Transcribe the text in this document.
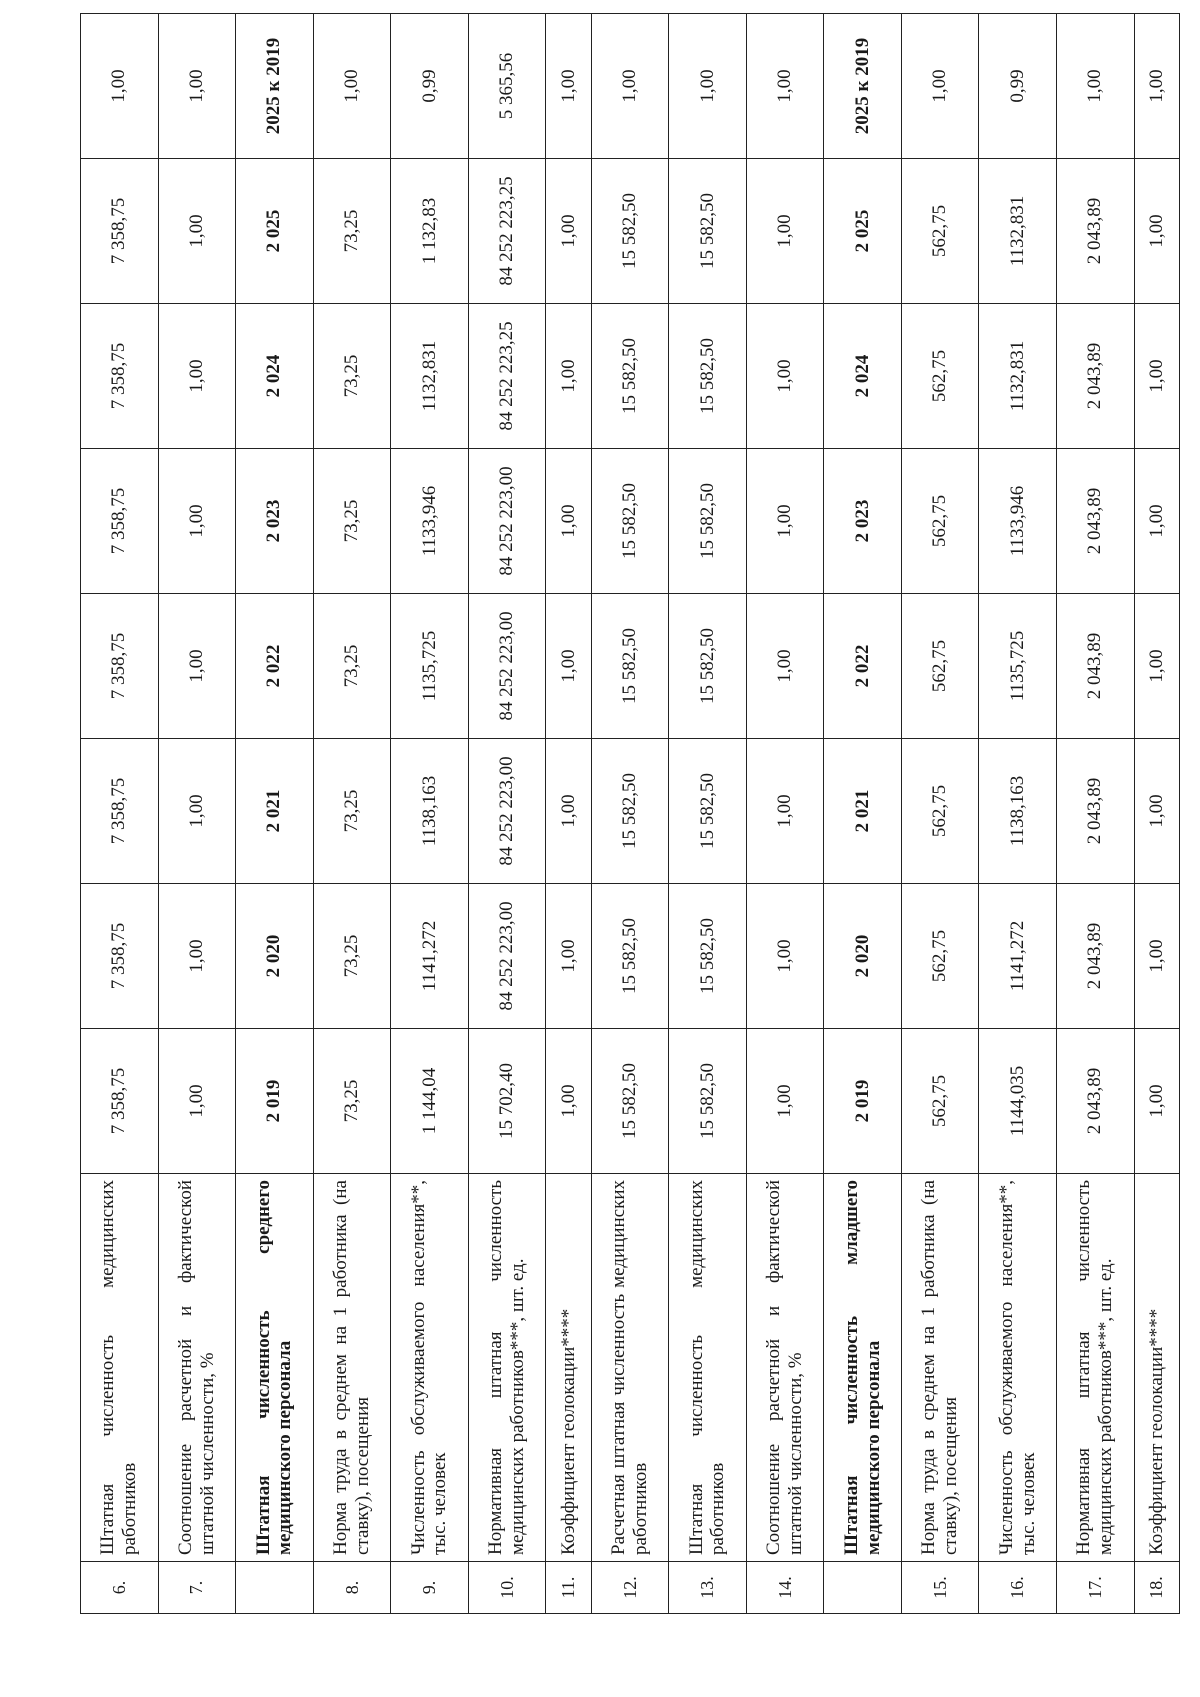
6.	Штатная численность медицинских работников	7 358,75	7 358,75	7 358,75	7 358,75	7 358,75	7 358,75	7 358,75	1,00
7.	Соотношение расчетной и фактической штатной численности, %	1,00	1,00	1,00	1,00	1,00	1,00	1,00	1,00
	Штатная численность среднего медицинского персонала	2 019	2 020	2 021	2 022	2 023	2 024	2 025	2025 к 2019
8.	Норма труда в среднем на 1 работника (на ставку), посещения	73,25	73,25	73,25	73,25	73,25	73,25	73,25	1,00
9.	Численность обслуживаемого населения**, тыс. человек	1 144,04	1141,272	1138,163	1135,725	1133,946	1132,831	1 132,83	0,99
10.	Нормативная штатная численность медицинских работников***, шт. ед.	15 702,40	84 252 223,00	84 252 223,00	84 252 223,00	84 252 223,00	84 252 223,25	84 252 223,25	5 365,56
11.	Коэффициент геолокации****	1,00	1,00	1,00	1,00	1,00	1,00	1,00	1,00
12.	Расчетная штатная численность медицинских работников	15 582,50	15 582,50	15 582,50	15 582,50	15 582,50	15 582,50	15 582,50	1,00
13.	Штатная численность медицинских работников	15 582,50	15 582,50	15 582,50	15 582,50	15 582,50	15 582,50	15 582,50	1,00
14.	Соотношение расчетной и фактической штатной численности, %	1,00	1,00	1,00	1,00	1,00	1,00	1,00	1,00
	Штатная численность младшего медицинского персонала	2 019	2 020	2 021	2 022	2 023	2 024	2 025	2025 к 2019
15.	Норма труда в среднем на 1 работника (на ставку), посещения	562,75	562,75	562,75	562,75	562,75	562,75	562,75	1,00
16.	Численность обслуживаемого населения**, тыс. человек	1144,035	1141,272	1138,163	1135,725	1133,946	1132,831	1132,831	0,99
17.	Нормативная штатная численность медицинских работников***, шт. ед.	2 043,89	2 043,89	2 043,89	2 043,89	2 043,89	2 043,89	2 043,89	1,00
18.	Коэффициент геолокации****	1,00	1,00	1,00	1,00	1,00	1,00	1,00	1,00
